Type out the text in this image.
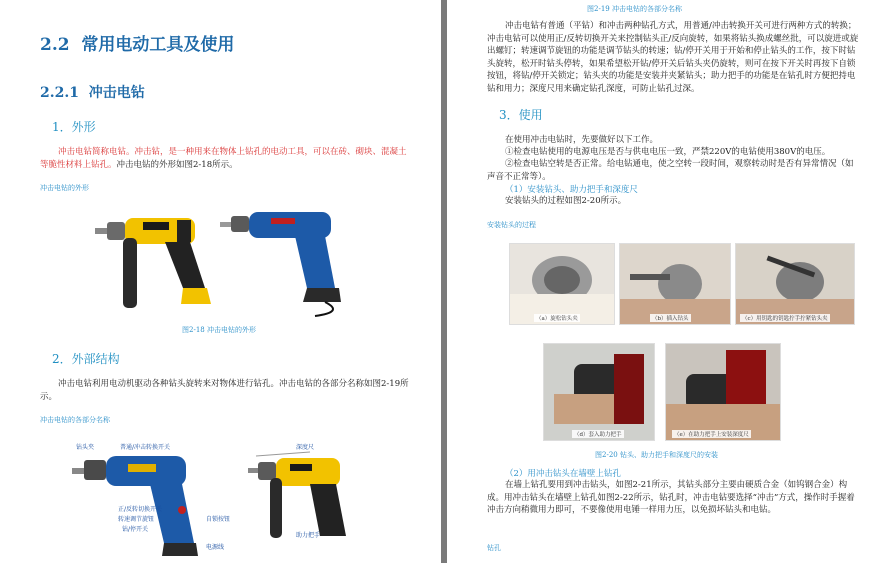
2.2 常用电动工具及使用
2.2.1 冲击电钻
1．外形
冲击电钻简称电钻。冲击钻，是一种用来在物体上钻孔的电动工具，可以在砖、砌块、混凝土等脆性材料上钻孔。冲击电钻的外形如图2-18所示。
冲击电钻的外形
图2-18 冲击电钻的外形
2．外部结构
冲击电钻利用电动机驱动各种钻头旋转来对物体进行钻孔。冲击电钻的各部分名称如图2-19所示。
冲击电钻的各部分名称
钻头夹	普通/冲击转换开关
正/反转切换开关
转速调节旋钮
钻/停开关
自锁按钮
电源线
深度尺
助力把手
图2-19 冲击电钻的各部分名称
冲击电钻有普通（平钻）和冲击两种钻孔方式，用普通/冲击转换开关可进行两种方式的转换；冲击电钻可以使用正/反转切换开关来控制钻头正/反向旋转，如果将钻头换成螺丝批，可以旋进或旋出螺钉；转速调节旋钮的功能是调节钻头的转速；钻/停开关用于开始和停止钻头的工作，按下时钻头旋转，松开时钻头停转，如果希望松开钻/停开关后钻头夹仍旋转，则可在按下开关时再按下自锁按钮，将钻/停开关锁定；钻头夹的功能是安装并夹紧钻头；助力把手的功能是在钻孔时方便把持电钻和用力；深度尺用来确定钻孔深度，可防止钻孔过深。
3．使用
在使用冲击电钻时，先要做好以下工作。
①检查电钻使用的电源电压是否与供电电压一致，严禁220V的电钻使用380V的电压。
②检查电钻空转是否正常。给电钻通电，使之空转一段时间，观察转动时是否有异常情况（如声音不正常等）。
（1）安装钻头、助力把手和深度尺
安装钻头的过程如图2-20所示。
安装钻头的过程
（a）旋松钻头夹	（b）插入钻头	（c）用钥匙的钥匙拧手拧紧钻头夹
（d）套入助力把手	（e）在助力把手上安装深度尺
图2-20 钻头、助力把手和深度尺的安装
（2）用冲击钻头在墙壁上钻孔
在墙上钻孔要用到冲击钻头，如图2-21所示，其钻头部分主要由硬质合金（如钨钢合金）构成。用冲击钻头在墙壁上钻孔如图2-22所示，钻孔时，冲击电钻要选择“冲击”方式，操作时手握着冲击方向稍微用力即可，不要像使用电锤一样用力压，以免损坏钻头和电钻。
钻孔
